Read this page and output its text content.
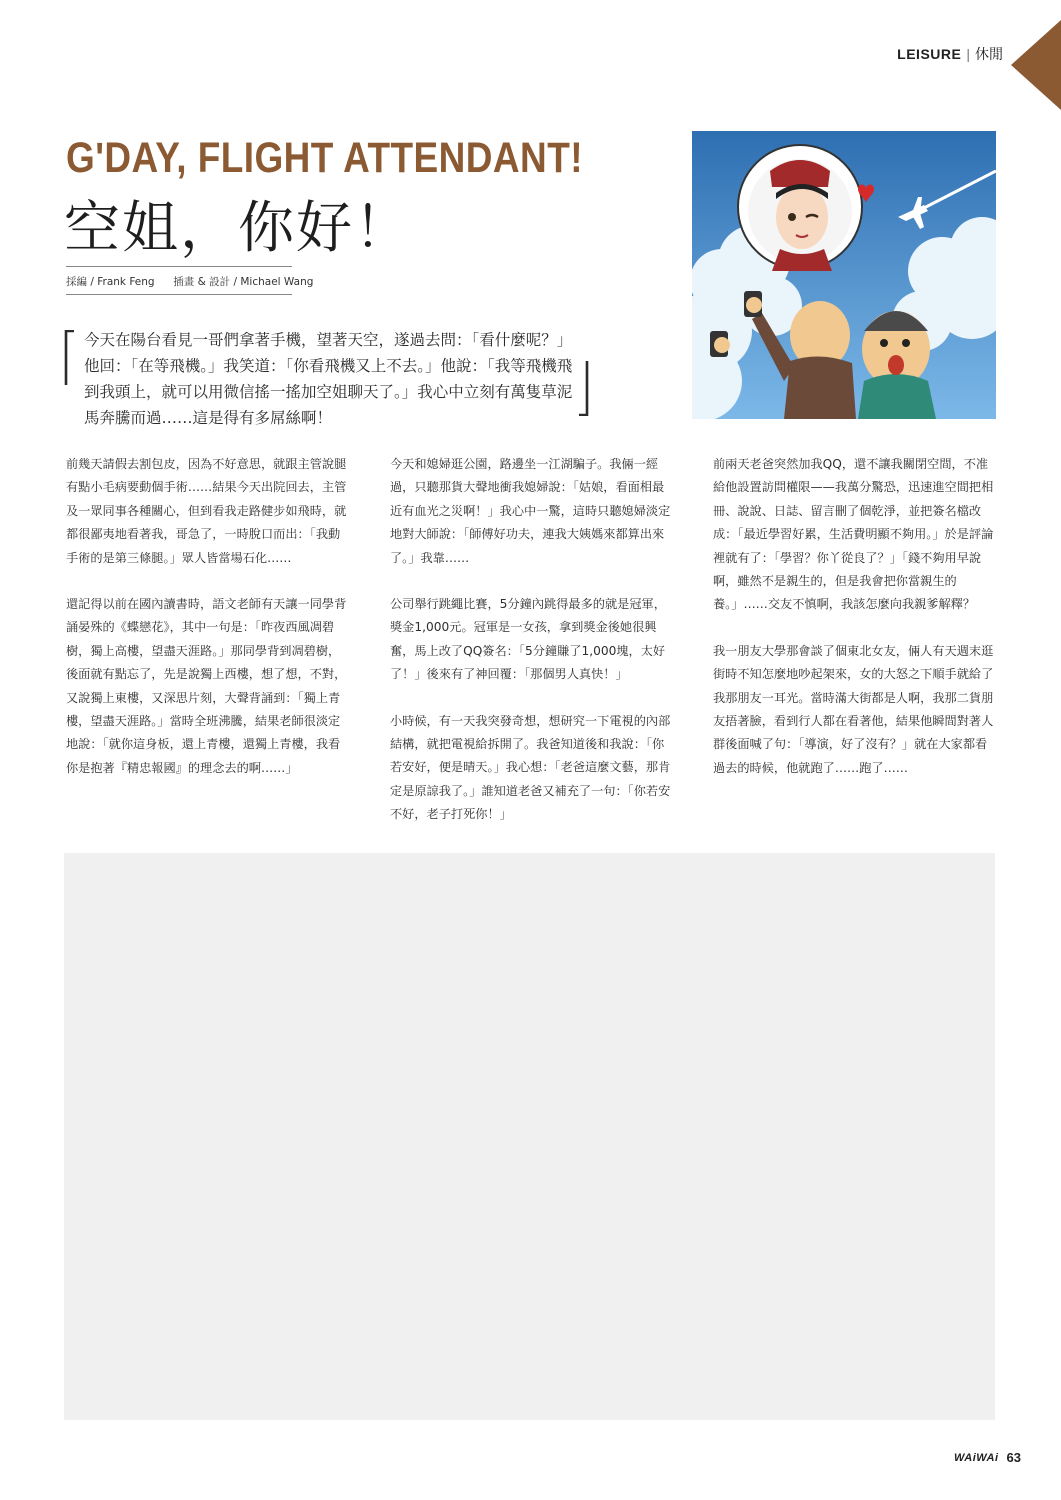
LEISURE | 休閒
G'DAY, FLIGHT ATTENDANT!
空姐，你好！
採編 / Frank Feng 插畫 & 設計 / Michael Wang

今天在陽台看見一哥們拿著手機，望著天空，遂過去問：「看什麼呢？」他回：「在等飛機。」我笑道：「你看飛機又上不去。」他說：「我等飛機飛到我頭上，就可以用微信搖一搖加空姐聊天了。」我心中立刻有萬隻草泥馬奔騰而過……這是得有多屌絲啊！

前幾天請假去割包皮，因為不好意思，就跟主管說腿有點小毛病要動個手術……結果今天出院回去，主管及一眾同事各種關心，但到看我走路健步如飛時，就都很鄙夷地看著我，哥急了，一時脫口而出：「我動手術的是第三條腿。」眾人皆當場石化……

還記得以前在國內讀書時，語文老師有天讓一同學背誦晏殊的《蝶戀花》，其中一句是：「昨夜西風凋碧樹，獨上高樓，望盡天涯路。」那同學背到凋碧樹，後面就有點忘了，先是說獨上西樓，想了想，不對，又說獨上東樓，又深思片刻，大聲背誦到：「獨上青樓，望盡天涯路。」當時全班沸騰，結果老師很淡定地說：「就你這身板，還上青樓，還獨上青樓，我看你是抱著『精忠報國』的理念去的啊……」

今天和媳婦逛公園，路邊坐一江湖騙子。我倆一經過，只聽那貨大聲地衝我媳婦說：「姑娘，看面相最近有血光之災啊！」我心中一驚，這時只聽媳婦淡定地對大師說：「師傅好功夫，連我大姨媽來都算出來了。」我靠……

公司舉行跳繩比賽，5分鐘內跳得最多的就是冠軍，獎金1,000元。冠軍是一女孩，拿到獎金後她很興奮，馬上改了QQ簽名：「5分鐘賺了1,000塊，太好了！」後來有了神回覆：「那個男人真快！」

小時候，有一天我突發奇想，想研究一下電視的內部結構，就把電視給拆開了。我爸知道後和我說：「你若安好，便是晴天。」我心想：「老爸這麼文藝，那肯定是原諒我了。」誰知道老爸又補充了一句：「你若安不好，老子打死你！」

前兩天老爸突然加我QQ，還不讓我關閉空間，不准給他設置訪問權限——我萬分驚恐，迅速進空間把相冊、說說、日誌、留言刪了個乾淨，並把簽名檔改成：「最近學習好累，生活費明顯不夠用。」於是評論裡就有了：「學習？你丫從良了？」「錢不夠用早說啊，雖然不是親生的，但是我會把你當親生的養。」……交友不慎啊，我該怎麼向我親爹解釋？

我一朋友大學那會談了個東北女友，倆人有天週末逛街時不知怎麼地吵起架來，女的大怒之下順手就給了我那朋友一耳光。當時滿大街都是人啊，我那二貨朋友捂著臉，看到行人都在看著他，結果他瞬間對著人群後面喊了句：「導演，好了沒有？」就在大家都看過去的時候，他就跑了……跑了……

WAiWAi 63
